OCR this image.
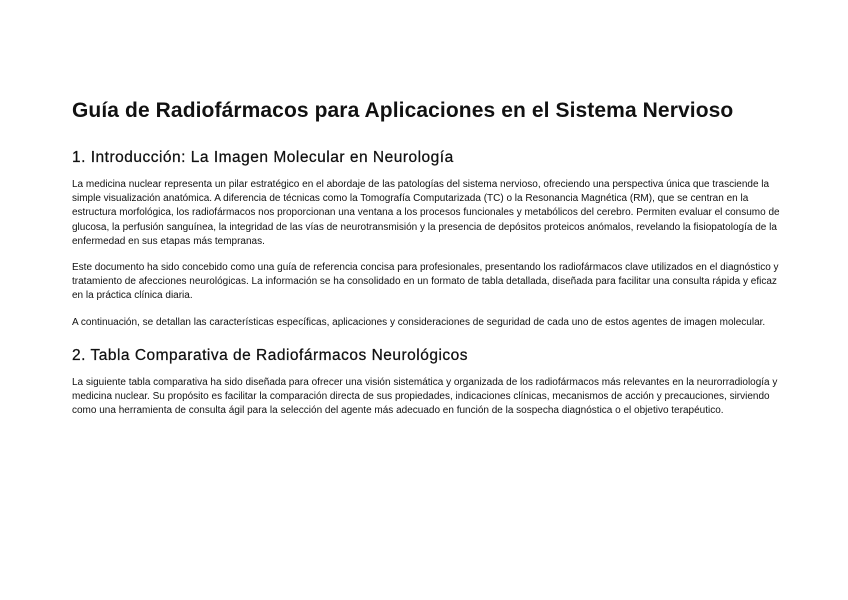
Guía de Radiofármacos para Aplicaciones en el Sistema Nervioso
1. Introducción: La Imagen Molecular en Neurología

La medicina nuclear representa un pilar estratégico en el abordaje de las patologías del sistema nervioso, ofreciendo una perspectiva única que trasciende la simple visualización anatómica. A diferencia de técnicas como la Tomografía Computarizada (TC) o la Resonancia Magnética (RM), que se centran en la estructura morfológica, los radiofármacos nos proporcionan una ventana a los procesos funcionales y metabólicos del cerebro. Permiten evaluar el consumo de glucosa, la perfusión sanguínea, la integridad de las vías de neurotransmisión y la presencia de depósitos proteicos anómalos, revelando la fisiopatología de la enfermedad en sus etapas más tempranas.

Este documento ha sido concebido como una guía de referencia concisa para profesionales, presentando los radiofármacos clave utilizados en el diagnóstico y tratamiento de afecciones neurológicas. La información se ha consolidado en un formato de tabla detallada, diseñada para facilitar una consulta rápida y eficaz en la práctica clínica diaria.

A continuación, se detallan las características específicas, aplicaciones y consideraciones de seguridad de cada uno de estos agentes de imagen molecular.

2. Tabla Comparativa de Radiofármacos Neurológicos

La siguiente tabla comparativa ha sido diseñada para ofrecer una visión sistemática y organizada de los radiofármacos más relevantes en la neurorradiología y medicina nuclear. Su propósito es facilitar la comparación directa de sus propiedades, indicaciones clínicas, mecanismos de acción y precauciones, sirviendo como una herramienta de consulta ágil para la selección del agente más adecuado en función de la sospecha diagnóstica o el objetivo terapéutico.
